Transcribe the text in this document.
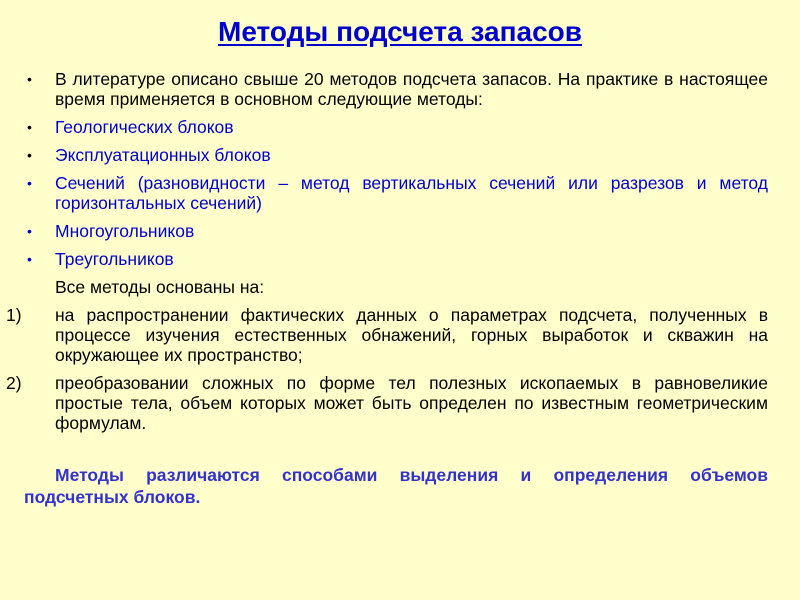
Методы подсчета запасов
• В литературе описано свыше 20 методов подсчета запасов. На практике в настоящее время применяется в основном следующие методы:
• Геологических блоков
• Эксплуатационных блоков
• Сечений (разновидности – метод вертикальных сечений или разрезов и метод горизонтальных сечений)
• Многоугольников
• Треугольников
Все методы основаны на:
1) на распространении фактических данных о параметрах подсчета, полученных в процессе изучения естественных обнажений, горных выработок и скважин на окружающее их пространство;
2) преобразовании сложных по форме тел полезных ископаемых в равновеликие простые тела, объем которых может быть определен по известным геометрическим формулам.
Методы различаются способами выделения и определения объемов подсчетных блоков.
